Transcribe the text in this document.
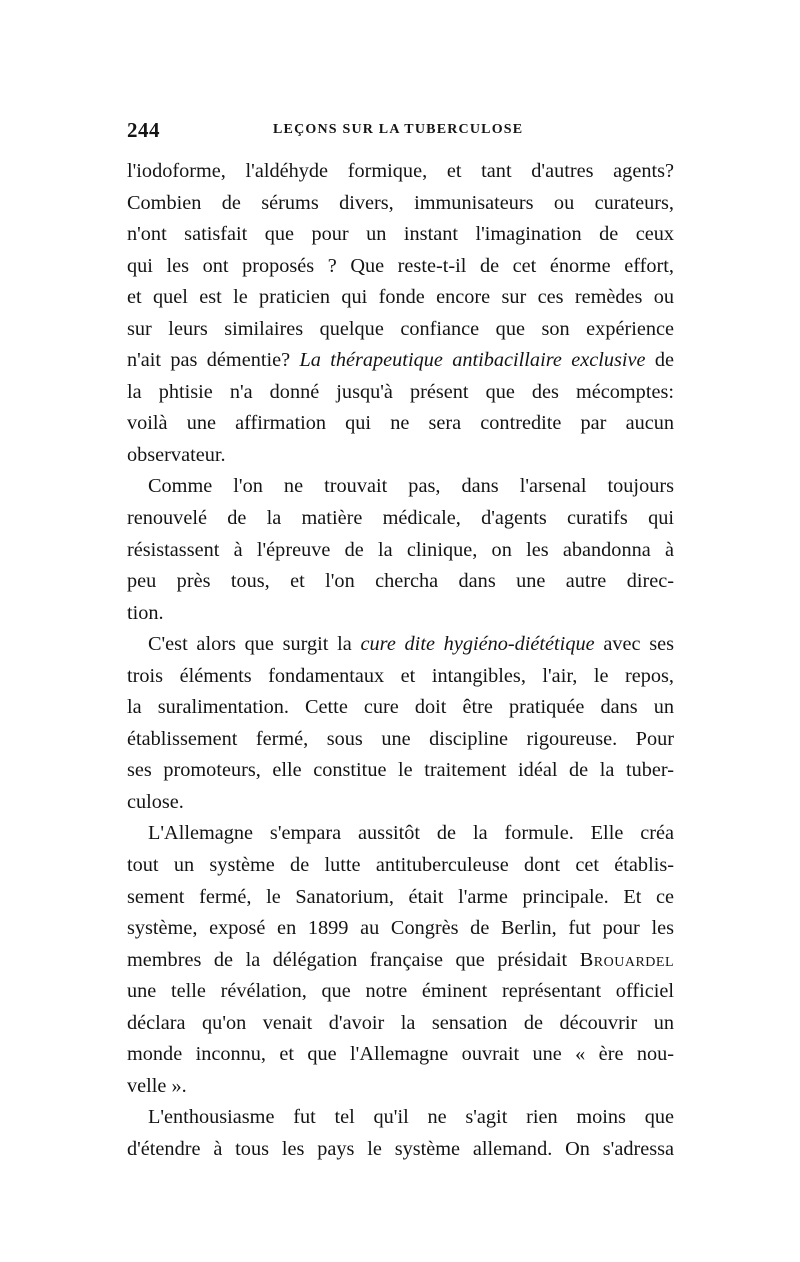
244	LEÇONS SUR LA TUBERCULOSE
l'iodoforme, l'aldéhyde formique, et tant d'autres agents?
Combien de sérums divers, immunisateurs ou curateurs,
n'ont satisfait que pour un instant l'imagination de ceux
qui les ont proposés ? Que reste-t-il de cet énorme effort,
et quel est le praticien qui fonde encore sur ces remèdes ou
sur leurs similaires quelque confiance que son expérience
n'ait pas démentie? La thérapeutique antibacillaire exclusive de
la phtisie n'a donné jusqu'à présent que des mécomptes:
voilà une affirmation qui ne sera contredite par aucun
observateur.
Comme l'on ne trouvait pas, dans l'arsenal toujours
renouvelé de la matière médicale, d'agents curatifs qui
résistassent à l'épreuve de la clinique, on les abandonna à
peu près tous, et l'on chercha dans une autre direc-
tion.
C'est alors que surgit la cure dite hygiéno-diététique avec ses
trois éléments fondamentaux et intangibles, l'air, le repos,
la suralimentation. Cette cure doit être pratiquée dans un
établissement fermé, sous une discipline rigoureuse. Pour
ses promoteurs, elle constitue le traitement idéal de la tuber-
culose.
L'Allemagne s'empara aussitôt de la formule. Elle créa
tout un système de lutte antituberculeuse dont cet établis-
sement fermé, le Sanatorium, était l'arme principale. Et ce
système, exposé en 1899 au Congrès de Berlin, fut pour les
membres de la délégation française que présidait Brouardel
une telle révélation, que notre éminent représentant officiel
déclara qu'on venait d'avoir la sensation de découvrir un
monde inconnu, et que l'Allemagne ouvrait une « ère nou-
velle ».
L'enthousiasme fut tel qu'il ne s'agit rien moins que
d'étendre à tous les pays le système allemand. On s'adressa
